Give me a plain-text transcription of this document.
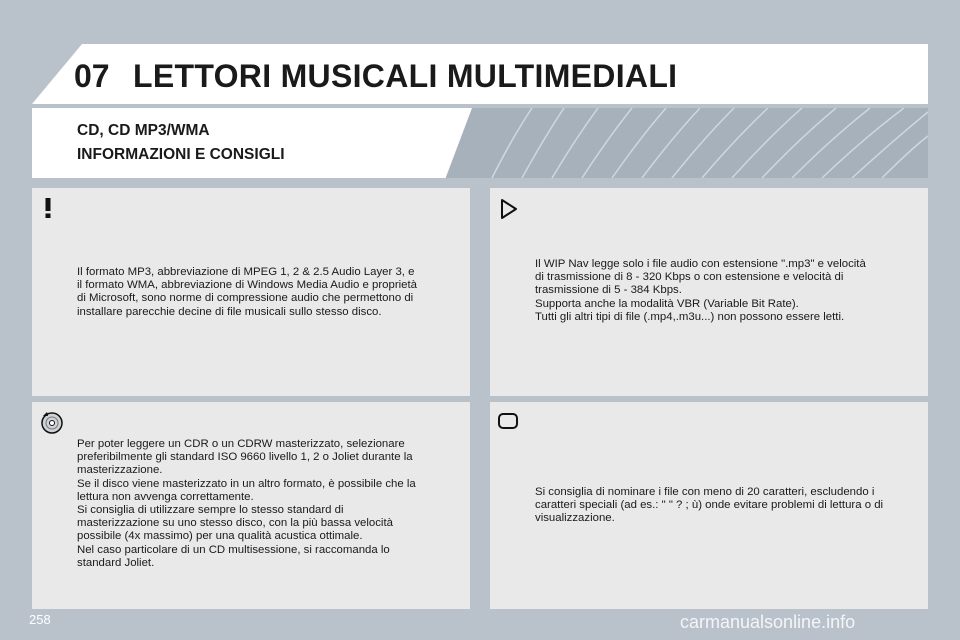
07 LETTORI MUSICALI MULTIMEDIALI
CD, CD MP3/WMA
INFORMAZIONI E CONSIGLI
Il formato MP3, abbreviazione di MPEG 1, 2 & 2.5 Audio Layer 3, e
il formato WMA, abbreviazione di Windows Media Audio e proprietà
di Microsoft, sono norme di compressione audio che permettono di
installare parecchie decine di file musicali sullo stesso disco.
Il WIP Nav legge solo i file audio con estensione ".mp3" e velocità
di trasmissione di 8 - 320 Kbps o con estensione e velocità di
trasmissione di 5 - 384 Kbps.
Supporta anche la modalità VBR (Variable Bit Rate).
Tutti gli altri tipi di file (.mp4,.m3u...) non possono essere letti.
Per poter leggere un CDR o un CDRW masterizzato, selezionare
preferibilmente gli standard ISO 9660 livello 1, 2 o Joliet durante la
masterizzazione.
Se il disco viene masterizzato in un altro formato, è possibile che la
lettura non avvenga correttamente.
Si consiglia di utilizzare sempre lo stesso standard di
masterizzazione su uno stesso disco, con la più bassa velocità
possibile (4x massimo) per una qualità acustica ottimale.
Nel caso particolare di un CD multisessione, si raccomanda lo
standard Joliet.
Si consiglia di nominare i file con meno di 20 caratteri, escludendo i
caratteri speciali (ad es.: " " ? ; ù) onde evitare problemi di lettura o di
visualizzazione.
258	carmanualsonline.info
